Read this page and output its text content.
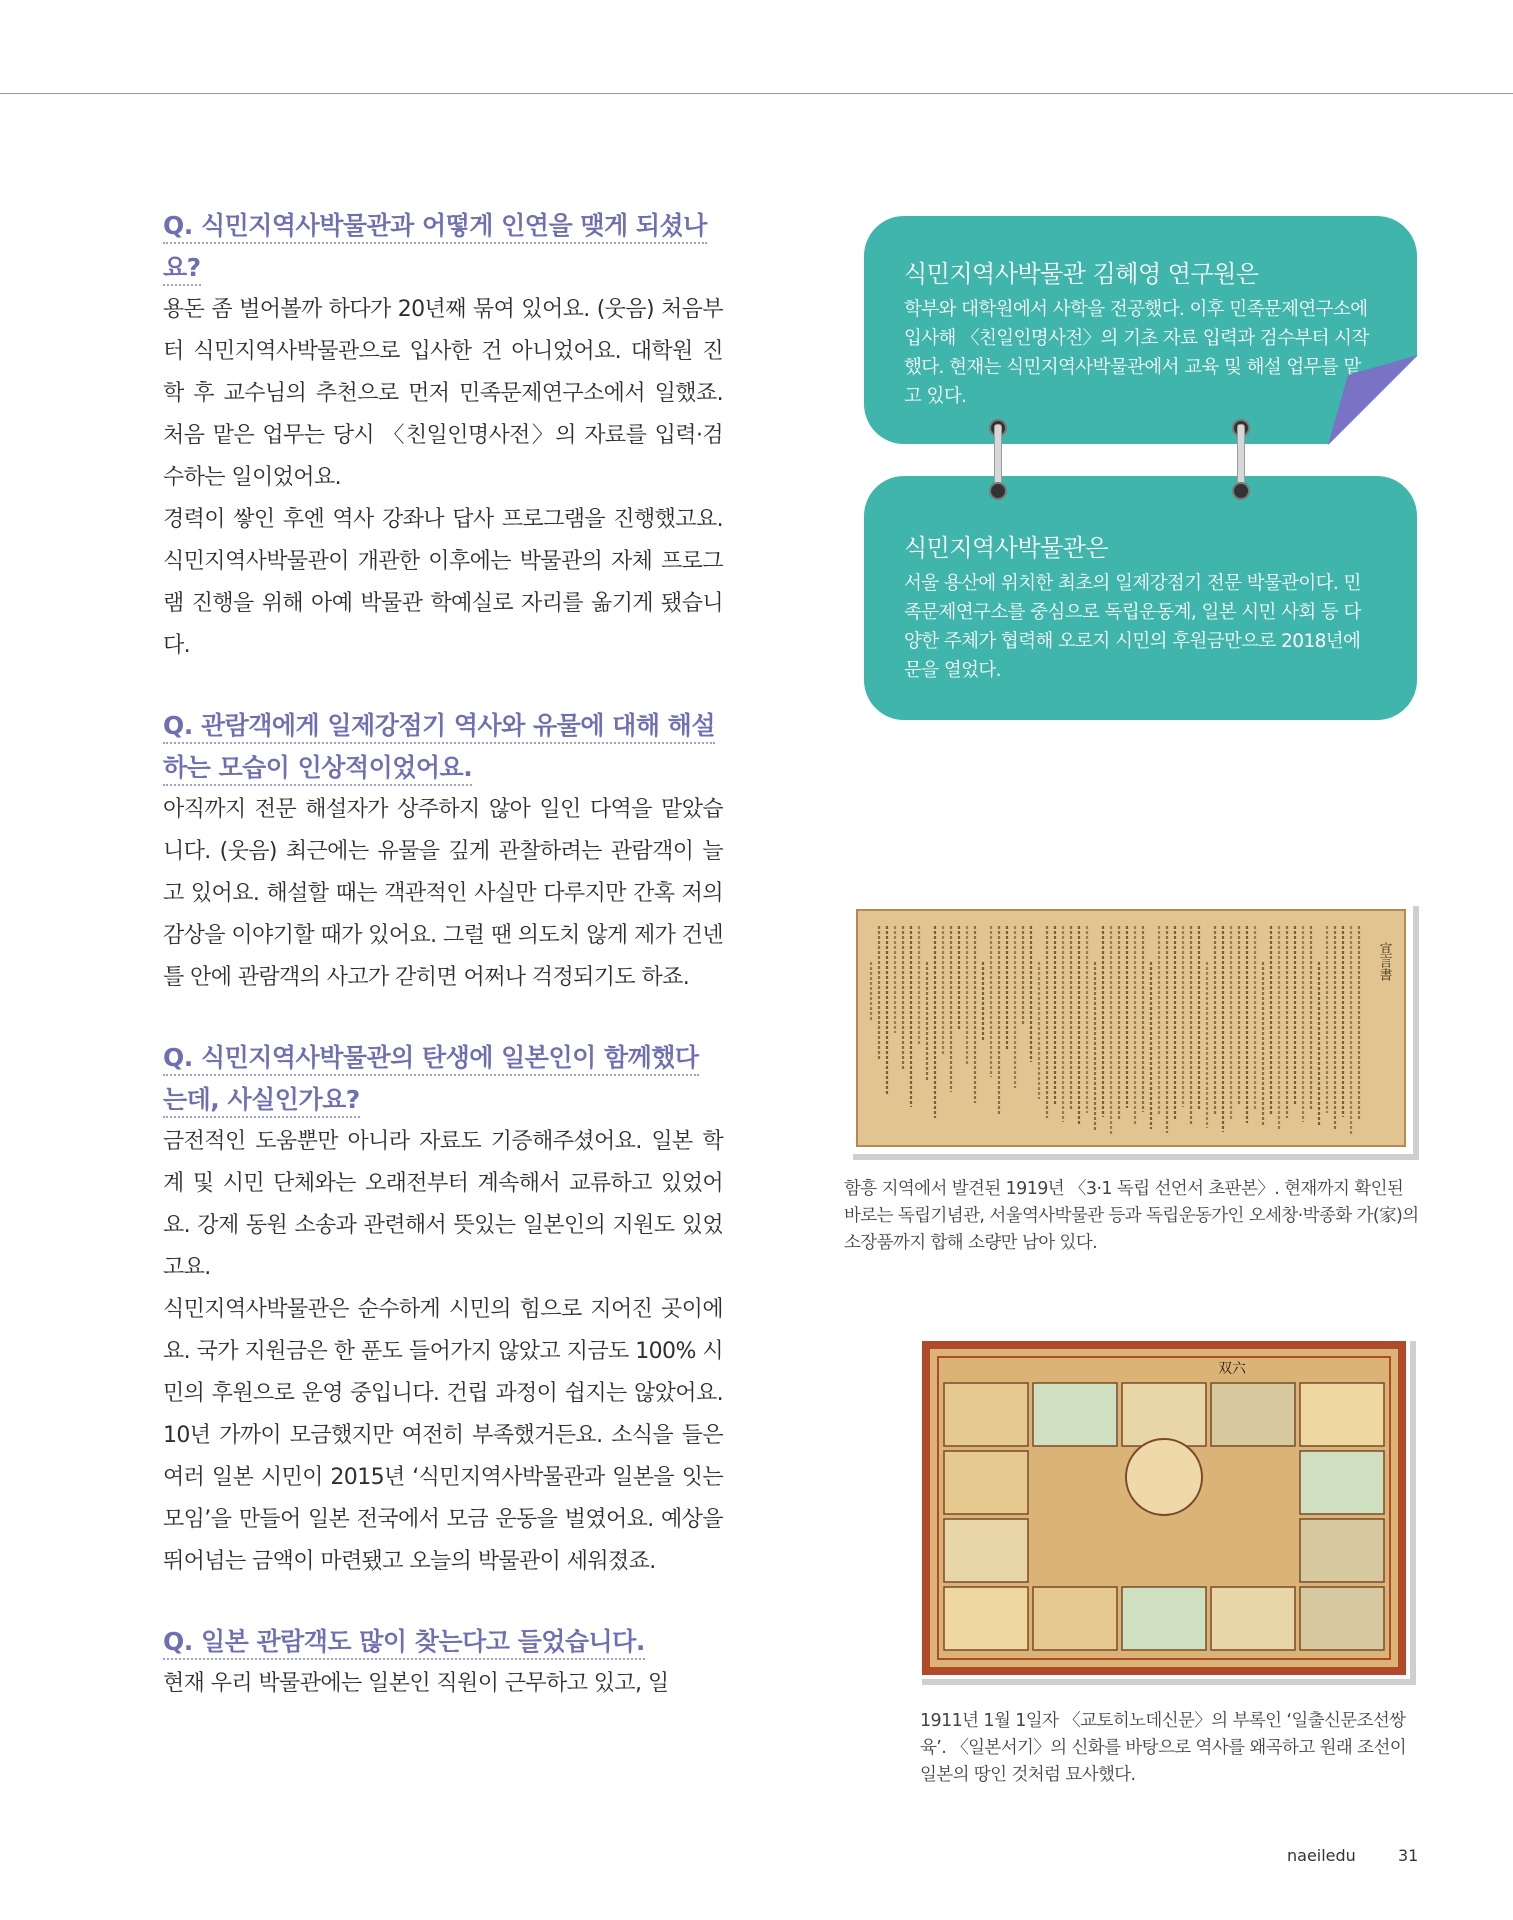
Q. 식민지역사박물관과 어떻게 인연을 맺게 되셨나
요?

용돈 좀 벌어볼까 하다가 20년째 묶여 있어요. (웃음) 처음부터 식민지역사박물관으로 입사한 건 아니었어요. 대학원 진학 후 교수님의 추천으로 먼저 민족문제연구소에서 일했죠. 처음 맡은 업무는 당시 〈친일인명사전〉의 자료를 입력·검수하는 일이었어요.

경력이 쌓인 후엔 역사 강좌나 답사 프로그램을 진행했고요. 식민지역사박물관이 개관한 이후에는 박물관의 자체 프로그램 진행을 위해 아예 박물관 학예실로 자리를 옮기게 됐습니다.

Q. 관람객에게 일제강점기 역사와 유물에 대해 해설
하는 모습이 인상적이었어요.

아직까지 전문 해설자가 상주하지 않아 일인 다역을 맡았습니다. (웃음) 최근에는 유물을 깊게 관찰하려는 관람객이 늘고 있어요. 해설할 때는 객관적인 사실만 다루지만 간혹 저의 감상을 이야기할 때가 있어요. 그럴 땐 의도치 않게 제가 건넨 틀 안에 관람객의 사고가 갇히면 어쩌나 걱정되기도 하죠.

Q. 식민지역사박물관의 탄생에 일본인이 함께했다
는데, 사실인가요?

금전적인 도움뿐만 아니라 자료도 기증해주셨어요. 일본 학계 및 시민 단체와는 오래전부터 계속해서 교류하고 있었어요. 강제 동원 소송과 관련해서 뜻있는 일본인의 지원도 있었고요.

식민지역사박물관은 순수하게 시민의 힘으로 지어진 곳이에요. 국가 지원금은 한 푼도 들어가지 않았고 지금도 100% 시민의 후원으로 운영 중입니다. 건립 과정이 쉽지는 않았어요. 10년 가까이 모금했지만 여전히 부족했거든요. 소식을 들은 여러 일본 시민이 2015년 ‘식민지역사박물관과 일본을 잇는 모임’을 만들어 일본 전국에서 모금 운동을 벌였어요. 예상을 뛰어넘는 금액이 마련됐고 오늘의 박물관이 세워졌죠.

Q. 일본 관람객도 많이 찾는다고 들었습니다.

현재 우리 박물관에는 일본인 직원이 근무하고 있고, 일

식민지역사박물관 김혜영 연구원은

학부와 대학원에서 사학을 전공했다. 이후 민족문제연구소에 입사해 〈친일인명사전〉의 기초 자료 입력과 검수부터 시작했다. 현재는 식민지역사박물관에서 교육 및 해설 업무를 맡고 있다.

식민지역사박물관은

서울 용산에 위치한 최초의 일제강점기 전문 박물관이다. 민족문제연구소를 중심으로 독립운동계, 일본 시민 사회 등 다양한 주체가 협력해 오로지 시민의 후원금만으로 2018년에 문을 열었다.

宣言書

함흥 지역에서 발견된 1919년 〈3·1 독립 선언서 초판본〉. 현재까지 확인된 바로는 독립기념관, 서울역사박물관 등과 독립운동가인 오세창·박종화 가(家)의 소장품까지 합해 소량만 남아 있다.

双六

1911년 1월 1일자 〈교토히노데신문〉의 부록인 ‘일출신문조선쌍육’. 〈일본서기〉의 신화를 바탕으로 역사를 왜곡하고 원래 조선이 일본의 땅인 것처럼 묘사했다.

naeiledu	31
